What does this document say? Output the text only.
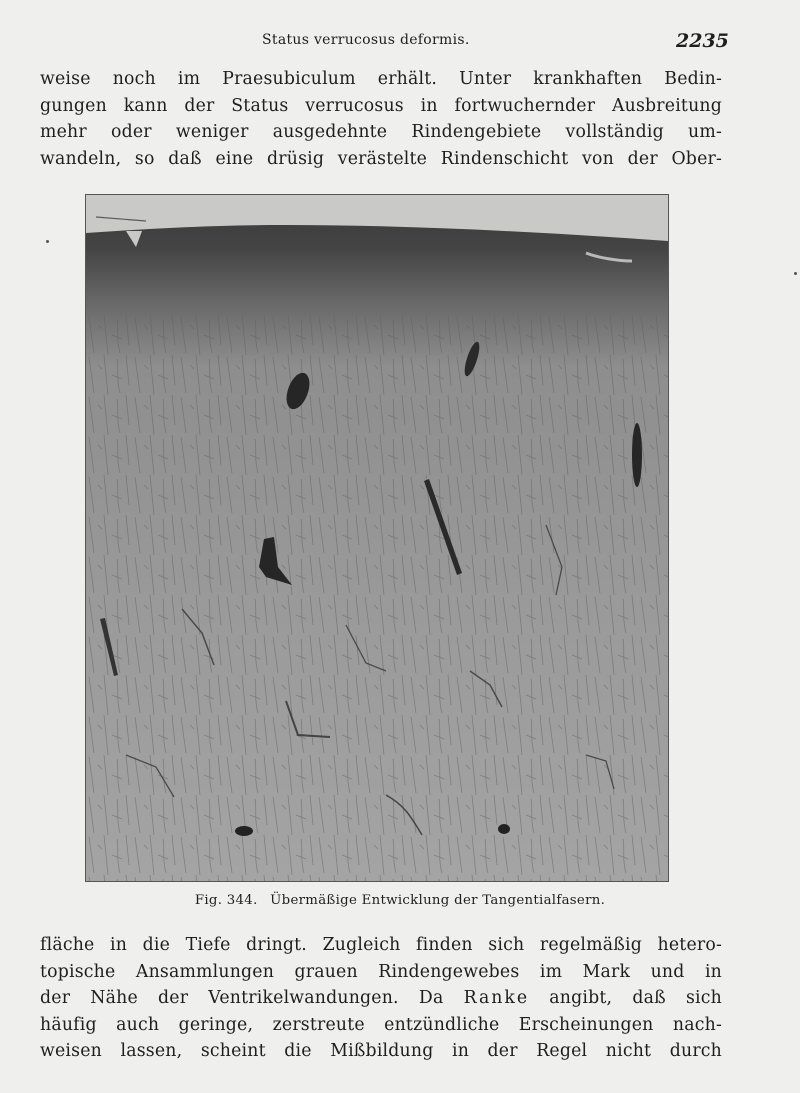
Status verrucosus deformis.	2235
weise noch im Praesubiculum erhält. Unter krankhaften Bedin-
gungen kann der Status verrucosus in fortwuchernder Ausbreitung
mehr oder weniger ausgedehnte Rindengebiete vollständig um-
wandeln, so daß eine drüsig verästelte Rindenschicht von der Ober-
Fig. 344. Übermäßige Entwicklung der Tangentialfasern.
fläche in die Tiefe dringt. Zugleich finden sich regelmäßig hetero-
topische Ansammlungen grauen Rindengewebes im Mark und in
der Nähe der Ventrikelwandungen. Da Ranke angibt, daß sich
häufig auch geringe, zerstreute entzündliche Erscheinungen nach-
weisen lassen, scheint die Mißbildung in der Regel nicht durch
